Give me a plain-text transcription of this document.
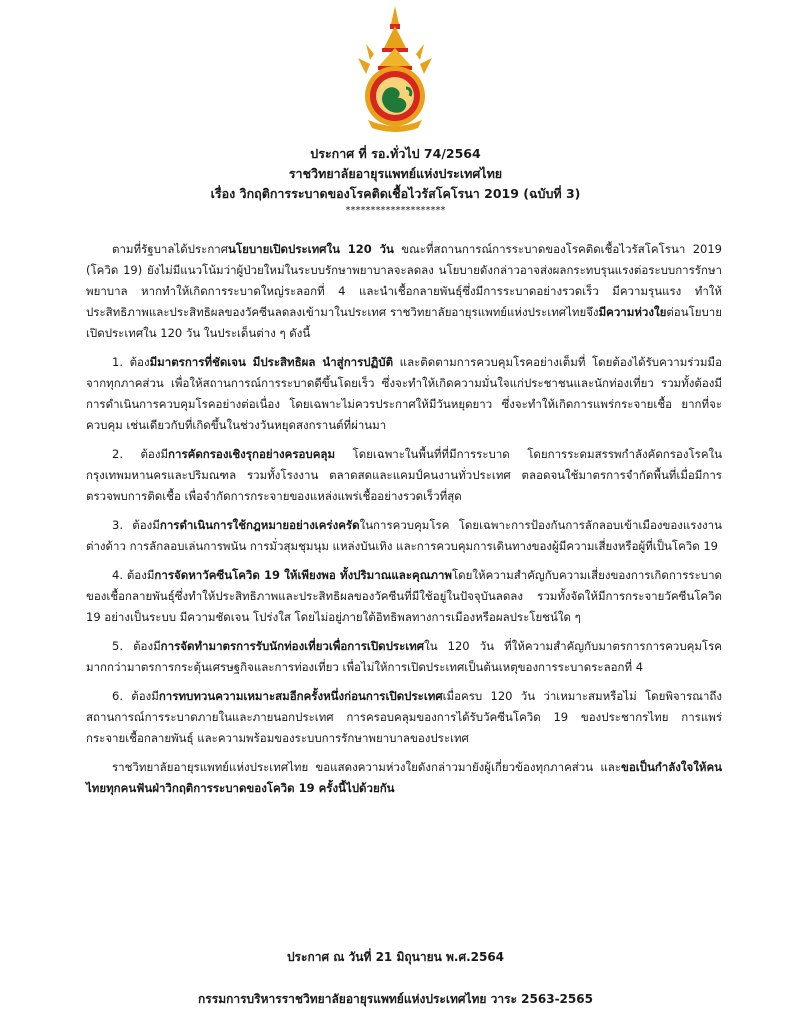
ประกาศ ที่ รอ.ทั่วไป 74/2564
ราชวิทยาลัยอายุรแพทย์แห่งประเทศไทย
เรื่อง วิกฤติการระบาดของโรคติดเชื้อไวรัสโคโรนา 2019 (ฉบับที่ 3)
********************

ตามที่รัฐบาลได้ประกาศนโยบายเปิดประเทศใน 120 วัน ขณะที่สถานการณ์การระบาดของโรคติดเชื้อไวรัสโคโรนา 2019 (โควิด 19) ยังไม่มีแนวโน้มว่าผู้ป่วยใหม่ในระบบรักษาพยาบาลจะลดลง นโยบายดังกล่าวอาจส่งผลกระทบรุนแรงต่อระบบการรักษาพยาบาล หากทำให้เกิดการระบาดใหญ่ระลอกที่ 4 และนำเชื้อกลายพันธุ์ซึ่งมีการระบาดอย่างรวดเร็ว มีความรุนแรง ทำให้ประสิทธิภาพและประสิทธิผลของวัคซีนลดลงเข้ามาในประเทศ ราชวิทยาลัยอายุรแพทย์แห่งประเทศไทยจึงมีความห่วงใยต่อนโยบายเปิดประเทศใน 120 วัน ในประเด็นต่าง ๆ ดังนี้

1. ต้องมีมาตรการที่ชัดเจน มีประสิทธิผล นำสู่การปฏิบัติ และติดตามการควบคุมโรคอย่างเต็มที่ โดยต้องได้รับความร่วมมือจากทุกภาคส่วน เพื่อให้สถานการณ์การระบาดดีขึ้นโดยเร็ว ซึ่งจะทำให้เกิดความมั่นใจแก่ประชาชนและนักท่องเที่ยว รวมทั้งต้องมีการดำเนินการควบคุมโรคอย่างต่อเนื่อง โดยเฉพาะไม่ควรประกาศให้มีวันหยุดยาว ซึ่งจะทำให้เกิดการแพร่กระจายเชื้อ ยากที่จะควบคุม เช่นเดียวกับที่เกิดขึ้นในช่วงวันหยุดสงกรานต์ที่ผ่านมา

2. ต้องมีการคัดกรองเชิงรุกอย่างครอบคลุม โดยเฉพาะในพื้นที่ที่มีการระบาด โดยการระดมสรรพกำลังคัดกรองโรคในกรุงเทพมหานครและปริมณฑล รวมทั้งโรงงาน ตลาดสดและแคมป์คนงานทั่วประเทศ ตลอดจนใช้มาตรการจำกัดพื้นที่เมื่อมีการตรวจพบการติดเชื้อ เพื่อจำกัดการกระจายของแหล่งแพร่เชื้ออย่างรวดเร็วที่สุด

3. ต้องมีการดำเนินการใช้กฎหมายอย่างเคร่งครัดในการควบคุมโรค โดยเฉพาะการป้องกันการลักลอบเข้าเมืองของแรงงานต่างด้าว การลักลอบเล่นการพนัน การมั่วสุมชุมนุม แหล่งบันเทิง และการควบคุมการเดินทางของผู้มีความเสี่ยงหรือผู้ที่เป็นโควิด 19

4. ต้องมีการจัดหาวัคซีนโควิด 19 ให้เพียงพอ ทั้งปริมาณและคุณภาพโดยให้ความสำคัญกับความเสี่ยงของการเกิดการระบาดของเชื้อกลายพันธุ์ซึ่งทำให้ประสิทธิภาพและประสิทธิผลของวัคซีนที่มีใช้อยู่ในปัจจุบันลดลง รวมทั้งจัดให้มีการกระจายวัคซีนโควิด 19 อย่างเป็นระบบ มีความชัดเจน โปร่งใส โดยไม่อยู่ภายใต้อิทธิพลทางการเมืองหรือผลประโยชน์ใด ๆ

5. ต้องมีการจัดทำมาตรการรับนักท่องเที่ยวเพื่อการเปิดประเทศใน 120 วัน ที่ให้ความสำคัญกับมาตรการการควบคุมโรคมากกว่ามาตรการกระตุ้นเศรษฐกิจและการท่องเที่ยว เพื่อไม่ให้การเปิดประเทศเป็นต้นเหตุของการระบาดระลอกที่ 4

6. ต้องมีการทบทวนความเหมาะสมอีกครั้งหนึ่งก่อนการเปิดประเทศเมื่อครบ 120 วัน ว่าเหมาะสมหรือไม่ โดยพิจารณาถึงสถานการณ์การระบาดภายในและภายนอกประเทศ การครอบคลุมของการได้รับวัคซีนโควิด 19 ของประชากรไทย การแพร่กระจายเชื้อกลายพันธุ์ และความพร้อมของระบบการรักษาพยาบาลของประเทศ

ราชวิทยาลัยอายุรแพทย์แห่งประเทศไทย ขอแสดงความห่วงใยดังกล่าวมายังผู้เกี่ยวข้องทุกภาคส่วน และขอเป็นกำลังใจให้คนไทยทุกคนฟันฝ่าวิกฤติการระบาดของโควิด 19 ครั้งนี้ไปด้วยกัน

ประกาศ ณ วันที่ 21 มิถุนายน พ.ศ.2564
กรรมการบริหารราชวิทยาลัยอายุรแพทย์แห่งประเทศไทย วาระ 2563-2565
